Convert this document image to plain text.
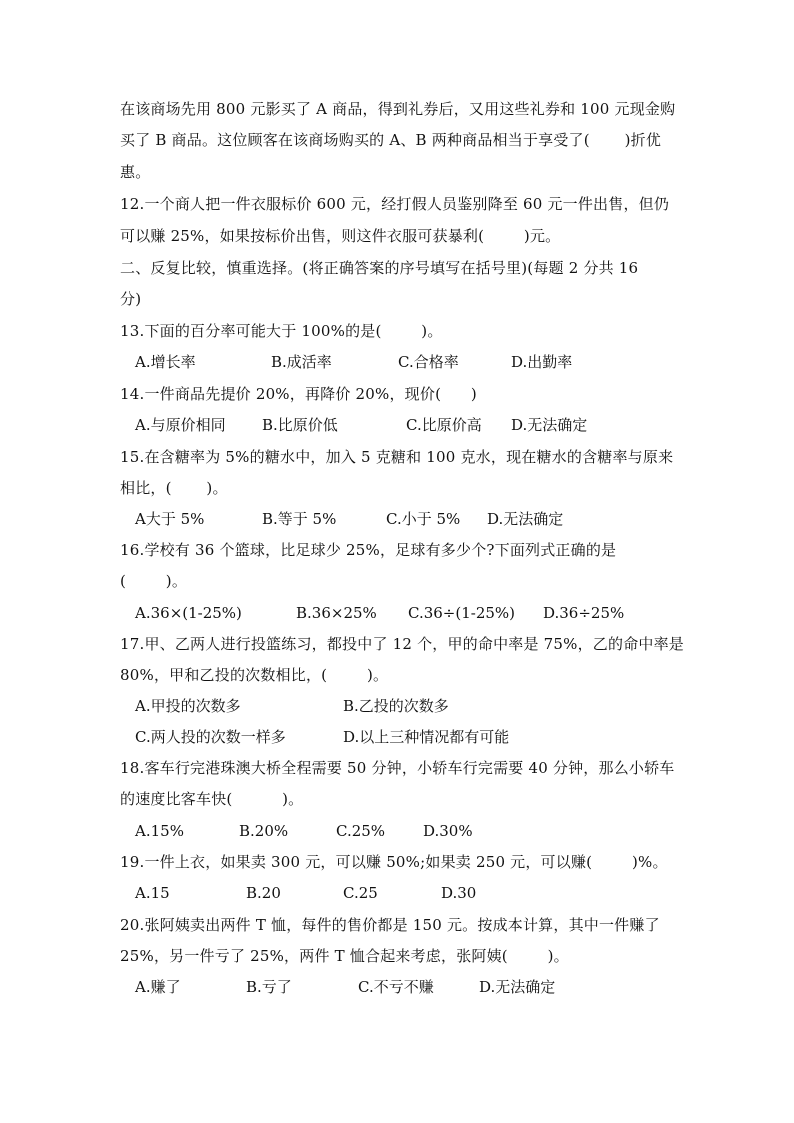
在该商场先用 800 元影买了 A 商品，得到礼券后，又用这些礼券和 100 元现金购
买了 B 商品。这位顾客在该商场购买的 A、B 两种商品相当于享受了(       )折优
惠。
12.一个商人把一件衣服标价 600 元，经打假人员鉴别降至 60 元一件出售，但仍
可以赚 25%，如果按标价出售，则这件衣服可获暴利(        )元。
二、反复比较，慎重选择。(将正确答案的序号填写在括号里)(每题 2 分共 16
分)
13.下面的百分率可能大于 100%的是(        )。
A.增长率	B.成活率	C.合格率	D.出勤率
14.一件商品先提价 20%，再降价 20%，现价(      )
A.与原价相同 B.比原价低	C.比原价高 D.无法确定
15.在含糖率为 5%的糖水中，加入 5 克糖和 100 克水，现在糖水的含糖率与原来
相比，(       )。
A大于 5%	B.等于 5%	C.小于 5% D.无法确定
16.学校有 36 个篮球，比足球少 25%，足球有多少个?下面列式正确的是
(        )。
A.36×(1-25%)	B.36×25% C.36÷(1-25%) D.36÷25%
17.甲、乙两人进行投篮练习，都投中了 12 个，甲的命中率是 75%，乙的命中率是
80%，甲和乙投的次数相比，(        )。
A.甲投的次数多	B.乙投的次数多
C.两人投的次数一样多	D.以上三种情况都有可能
18.客车行完港珠澳大桥全程需要 50 分钟，小轿车行完需要 40 分钟，那么小轿车
的速度比客车快(          )。
A.15%	B.20%	C.25%	D.30%
19.一件上衣，如果卖 300 元，可以赚 50%;如果卖 250 元，可以赚(        )%。
A.15	B.20	C.25	D.30
20.张阿姨卖出两件 T 恤，每件的售价都是 150 元。按成本计算，其中一件赚了
25%，另一件亏了 25%，两件 T 恤合起来考虑，张阿姨(        )。
A.赚了	B.亏了	C.不亏不赚	D.无法确定
